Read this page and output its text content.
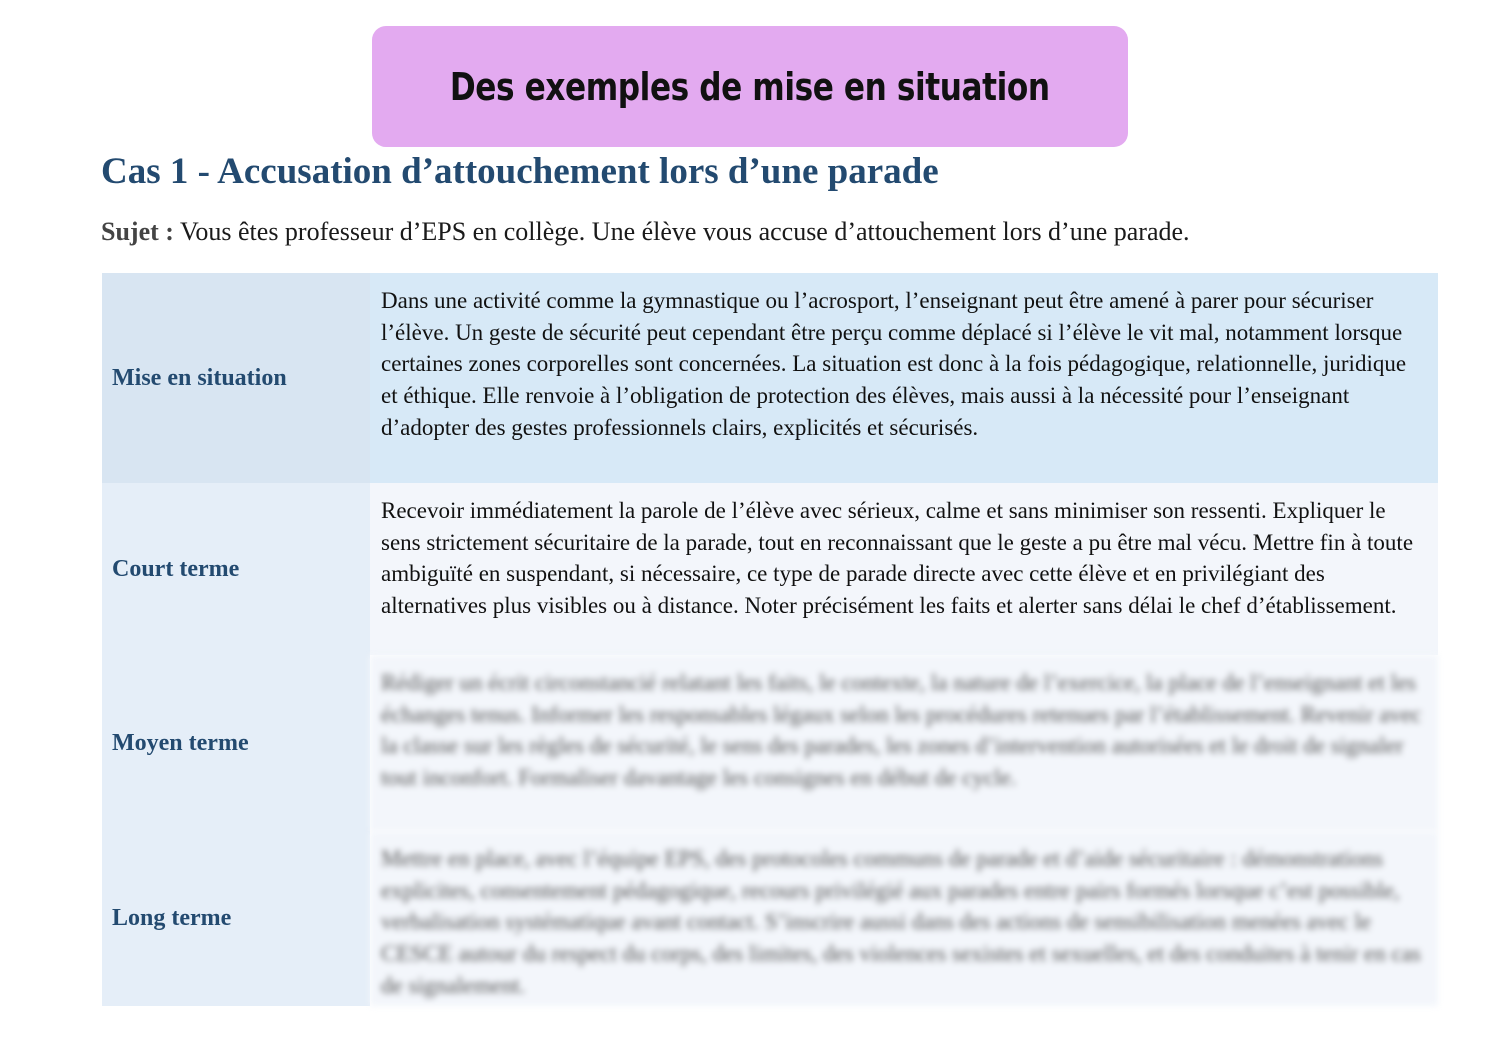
Des exemples de mise en situation
Cas 1 - Accusation d’attouchement lors d’une parade

Sujet : Vous êtes professeur d’EPS en collège. Une élève vous accuse d’attouchement lors d’une parade.

Mise en situation
Dans une activité comme la gymnastique ou l’acrosport, l’enseignant peut être amené à parer pour sécuriser l’élève. Un geste de sécurité peut cependant être perçu comme déplacé si l’élève le vit mal, notamment lorsque certaines zones corporelles sont concernées. La situation est donc à la fois pédagogique, relationnelle, juridique et éthique. Elle renvoie à l’obligation de protection des élèves, mais aussi à la nécessité pour l’enseignant d’adopter des gestes professionnels clairs, explicités et sécurisés.
Court terme
Recevoir immédiatement la parole de l’élève avec sérieux, calme et sans minimiser son ressenti. Expliquer le sens strictement sécuritaire de la parade, tout en reconnaissant que le geste a pu être mal vécu. Mettre fin à toute ambiguïté en suspendant, si nécessaire, ce type de parade directe avec cette élève et en privilégiant des alternatives plus visibles ou à distance. Noter précisément les faits et alerter sans délai le chef d’établissement.
Moyen terme
Rédiger un écrit circonstancié relatant les faits, le contexte, la nature de l’exercice, la place de l’enseignant et les échanges tenus. Informer les responsables légaux selon les procédures retenues par l’établissement. Revenir avec la classe sur les règles de sécurité, le sens des parades, les zones d’intervention autorisées et le droit de signaler tout inconfort. Formaliser davantage les consignes en début de cycle.
Long terme
Mettre en place, avec l’équipe EPS, des protocoles communs de parade et d’aide sécuritaire : démonstrations explicites, consentement pédagogique, recours privilégié aux parades entre pairs formés lorsque c’est possible, verbalisation systématique avant contact. S’inscrire aussi dans des actions de sensibilisation menées avec le CESCE autour du respect du corps, des limites, des violences sexistes et sexuelles, et des conduites à tenir en cas de signalement.
